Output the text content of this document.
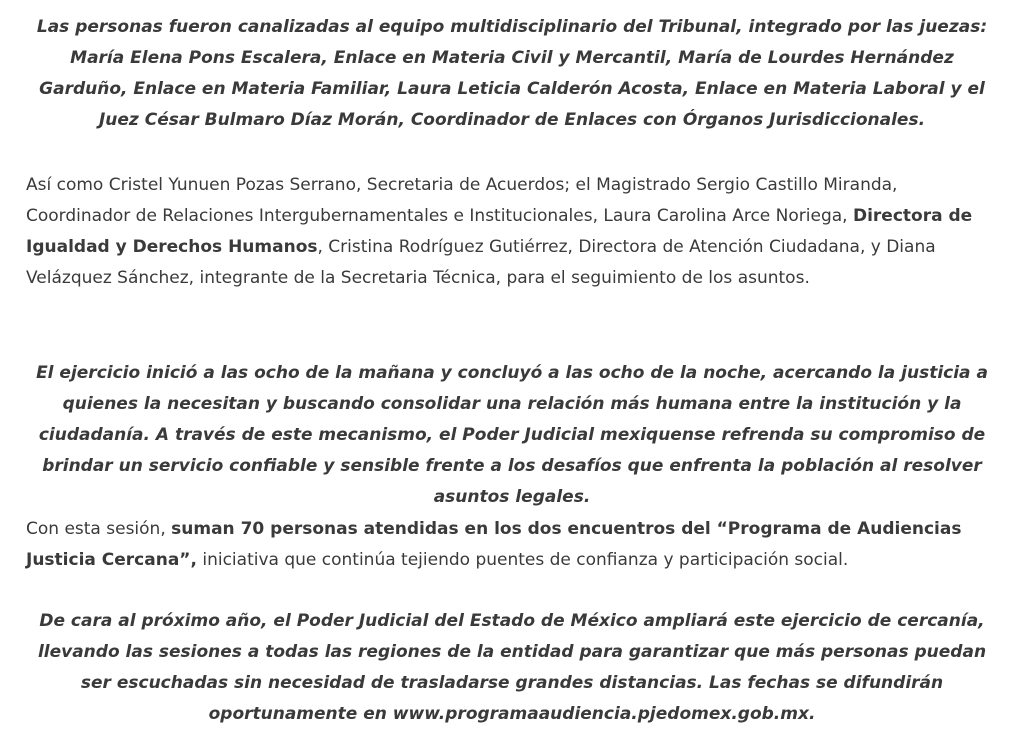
Las personas fueron canalizadas al equipo multidisciplinario del Tribunal, integrado por las juezas: María Elena Pons Escalera, Enlace en Materia Civil y Mercantil, María de Lourdes Hernández Garduño, Enlace en Materia Familiar, Laura Leticia Calderón Acosta, Enlace en Materia Laboral y el Juez César Bulmaro Díaz Morán, Coordinador de Enlaces con Órganos Jurisdiccionales.

Así como Cristel Yunuen Pozas Serrano, Secretaria de Acuerdos; el Magistrado Sergio Castillo Miranda, Coordinador de Relaciones Intergubernamentales e Institucionales, Laura Carolina Arce Noriega, Directora de Igualdad y Derechos Humanos, Cristina Rodríguez Gutiérrez, Directora de Atención Ciudadana, y Diana Velázquez Sánchez, integrante de la Secretaria Técnica, para el seguimiento de los asuntos.

El ejercicio inició a las ocho de la mañana y concluyó a las ocho de la noche, acercando la justicia a quienes la necesitan y buscando consolidar una relación más humana entre la institución y la ciudadanía. A través de este mecanismo, el Poder Judicial mexiquense refrenda su compromiso de brindar un servicio confiable y sensible frente a los desafíos que enfrenta la población al resolver asuntos legales.

Con esta sesión, suman 70 personas atendidas en los dos encuentros del “Programa de Audiencias Justicia Cercana”, iniciativa que continúa tejiendo puentes de confianza y participación social.

De cara al próximo año, el Poder Judicial del Estado de México ampliará este ejercicio de cercanía, llevando las sesiones a todas las regiones de la entidad para garantizar que más personas puedan ser escuchadas sin necesidad de trasladarse grandes distancias. Las fechas se difundirán oportunamente en www.programaaudiencia.pjedomex.gob.mx.
